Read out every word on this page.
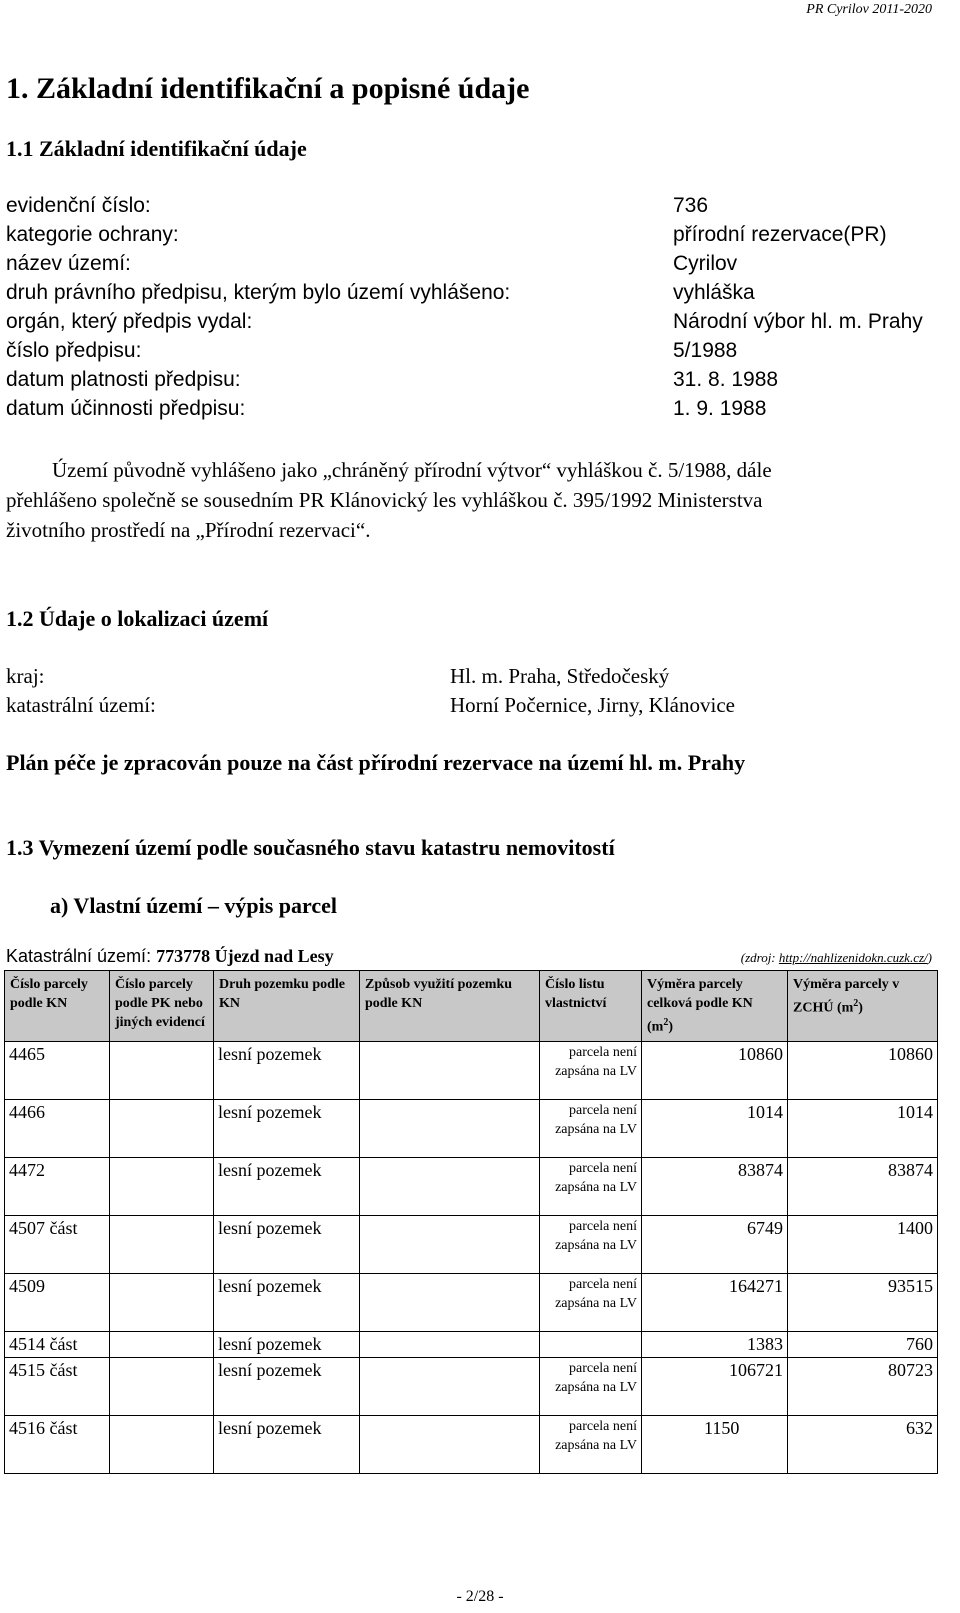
PR Cyrilov 2011-2020
1. Základní identifikační a popisné údaje
1.1 Základní identifikační údaje
evidenční číslo:	736
kategorie ochrany:	přírodní rezervace(PR)
název území:	Cyrilov
druh právního předpisu, kterým bylo území vyhlášeno:	vyhláška
orgán, který předpis vydal:	Národní výbor hl. m. Prahy
číslo předpisu:	5/1988
datum platnosti předpisu:	31. 8. 1988
datum účinnosti předpisu:	1. 9. 1988
Území původně vyhlášeno jako „chráněný přírodní výtvor“ vyhláškou č. 5/1988, dále
přehlášeno společně se sousedním PR Klánovický les vyhláškou č. 395/1992 Ministerstva
životního prostředí na „Přírodní rezervaci“.
1.2 Údaje o lokalizaci území
kraj:	Hl. m. Praha, Středočeský
katastrální území:	Horní Počernice, Jirny, Klánovice
Plán péče je zpracován pouze na část přírodní rezervace na území hl. m. Prahy
1.3 Vymezení území podle současného stavu katastru nemovitostí
a) Vlastní území – výpis parcel
Katastrální území: 773778 Újezd nad Lesy	(zdroj: http://nahlizenidokn.cuzk.cz/)
Číslo parcely podle KN	Číslo parcely podle PK nebo jiných evidencí	Druh pozemku podle KN	Způsob využití pozemku podle KN	Číslo listu vlastnictví	Výměra parcely celková podle KN $(m^2)$	Výměra parcely v ZCHÚ $(m^2)$
4465		lesní pozemek		parcela není zapsána na LV	10860	10860
4466		lesní pozemek		parcela není zapsána na LV	1014	1014
4472		lesní pozemek		parcela není zapsána na LV	83874	83874
4507 část		lesní pozemek		parcela není zapsána na LV	6749	1400
4509		lesní pozemek		parcela není zapsána na LV	164271	93515
4514 část		lesní pozemek			1383	760
4515 část		lesní pozemek		parcela není zapsána na LV	106721	80723
4516 část		lesní pozemek		parcela není zapsána na LV	1150	632
- 2/28 -
